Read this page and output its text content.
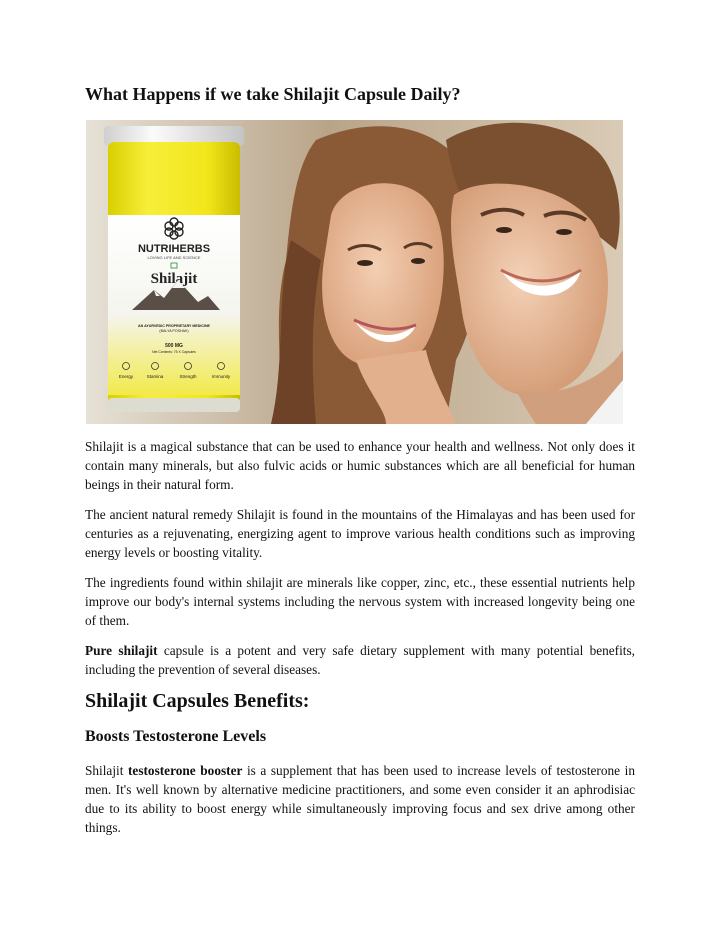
What Happens if we take Shilajit Capsule Daily?
NUTRIHERBS
LOVING LIFE AND SCIENCE
Shilajit
AN AYURVEDIC PROPRIETARY MEDICINE
(BALYA POSHAK)
500 MG
Net Contents: 75 X Capsules
Energy	Stamina	Strength	Immunity

Shilajit is a magical substance that can be used to enhance your health and wellness. Not only does it contain many minerals, but also fulvic acids or humic substances which are all beneficial for human beings in their natural form.

The ancient natural remedy Shilajit is found in the mountains of the Himalayas and has been used for centuries as a rejuvenating, energizing agent to improve various health conditions such as improving energy levels or boosting vitality.

The ingredients found within shilajit are minerals like copper, zinc, etc., these essential nutrients help improve our body's internal systems including the nervous system with increased longevity being one of them.

Pure shilajit capsule is a potent and very safe dietary supplement with many potential benefits, including the prevention of several diseases.

Shilajit Capsules Benefits:
Boosts Testosterone Levels

Shilajit testosterone booster is a supplement that has been used to increase levels of testosterone in men. It's well known by alternative medicine practitioners, and some even consider it an aphrodisiac due to its ability to boost energy while simultaneously improving focus and sex drive among other things.
